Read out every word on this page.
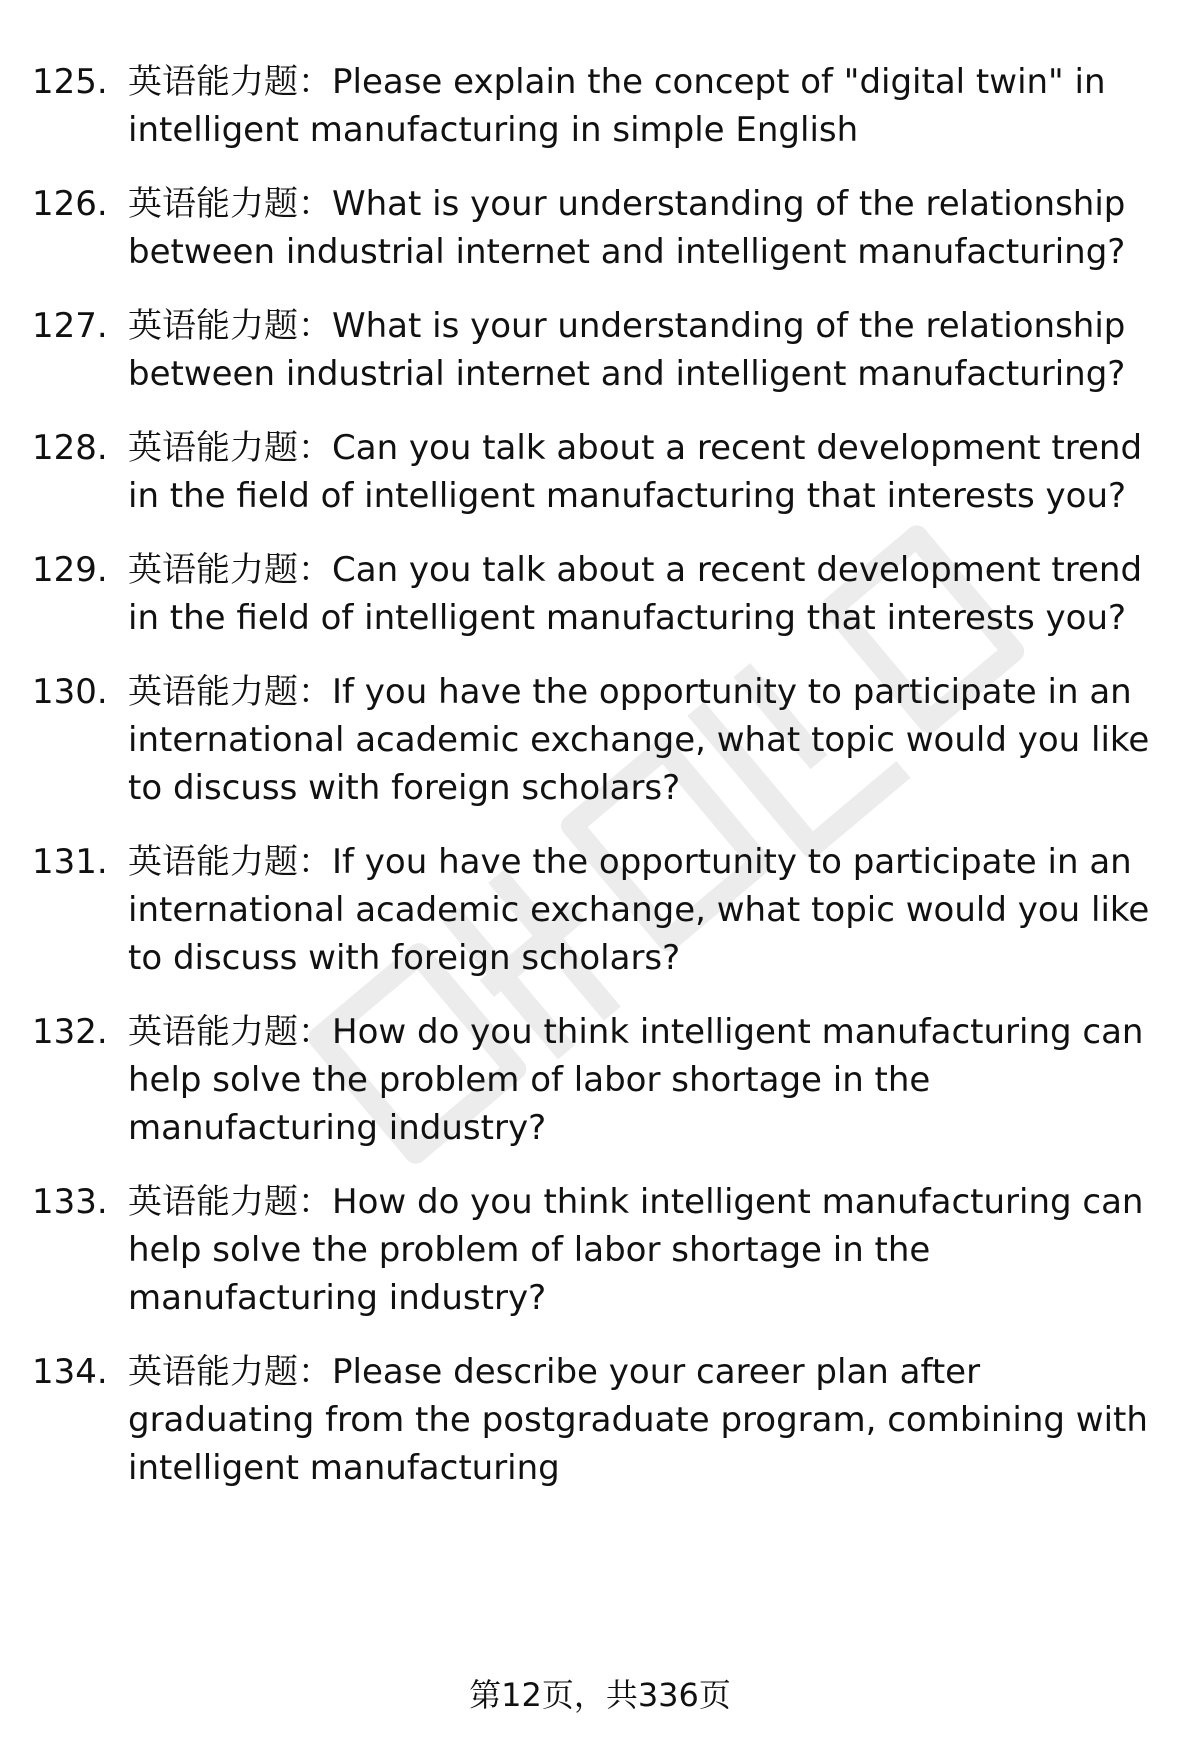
125. 英语能力题：Please explain the concept of "digital twin" in intelligent manufacturing in simple English
126. 英语能力题：What is your understanding of the relationship between industrial internet and intelligent manufacturing?
127. 英语能力题：What is your understanding of the relationship between industrial internet and intelligent manufacturing?
128. 英语能力题：Can you talk about a recent development trend in the field of intelligent manufacturing that interests you?
129. 英语能力题：Can you talk about a recent development trend in the field of intelligent manufacturing that interests you?
130. 英语能力题：If you have the opportunity to participate in an international academic exchange, what topic would you like to discuss with foreign scholars?
131. 英语能力题：If you have the opportunity to participate in an international academic exchange, what topic would you like to discuss with foreign scholars?
132. 英语能力题：How do you think intelligent manufacturing can help solve the problem of labor shortage in the manufacturing industry?
133. 英语能力题：How do you think intelligent manufacturing can help solve the problem of labor shortage in the manufacturing industry?
134. 英语能力题：Please describe your career plan after graduating from the postgraduate program, combining with intelligent manufacturing
第12页，共336页
